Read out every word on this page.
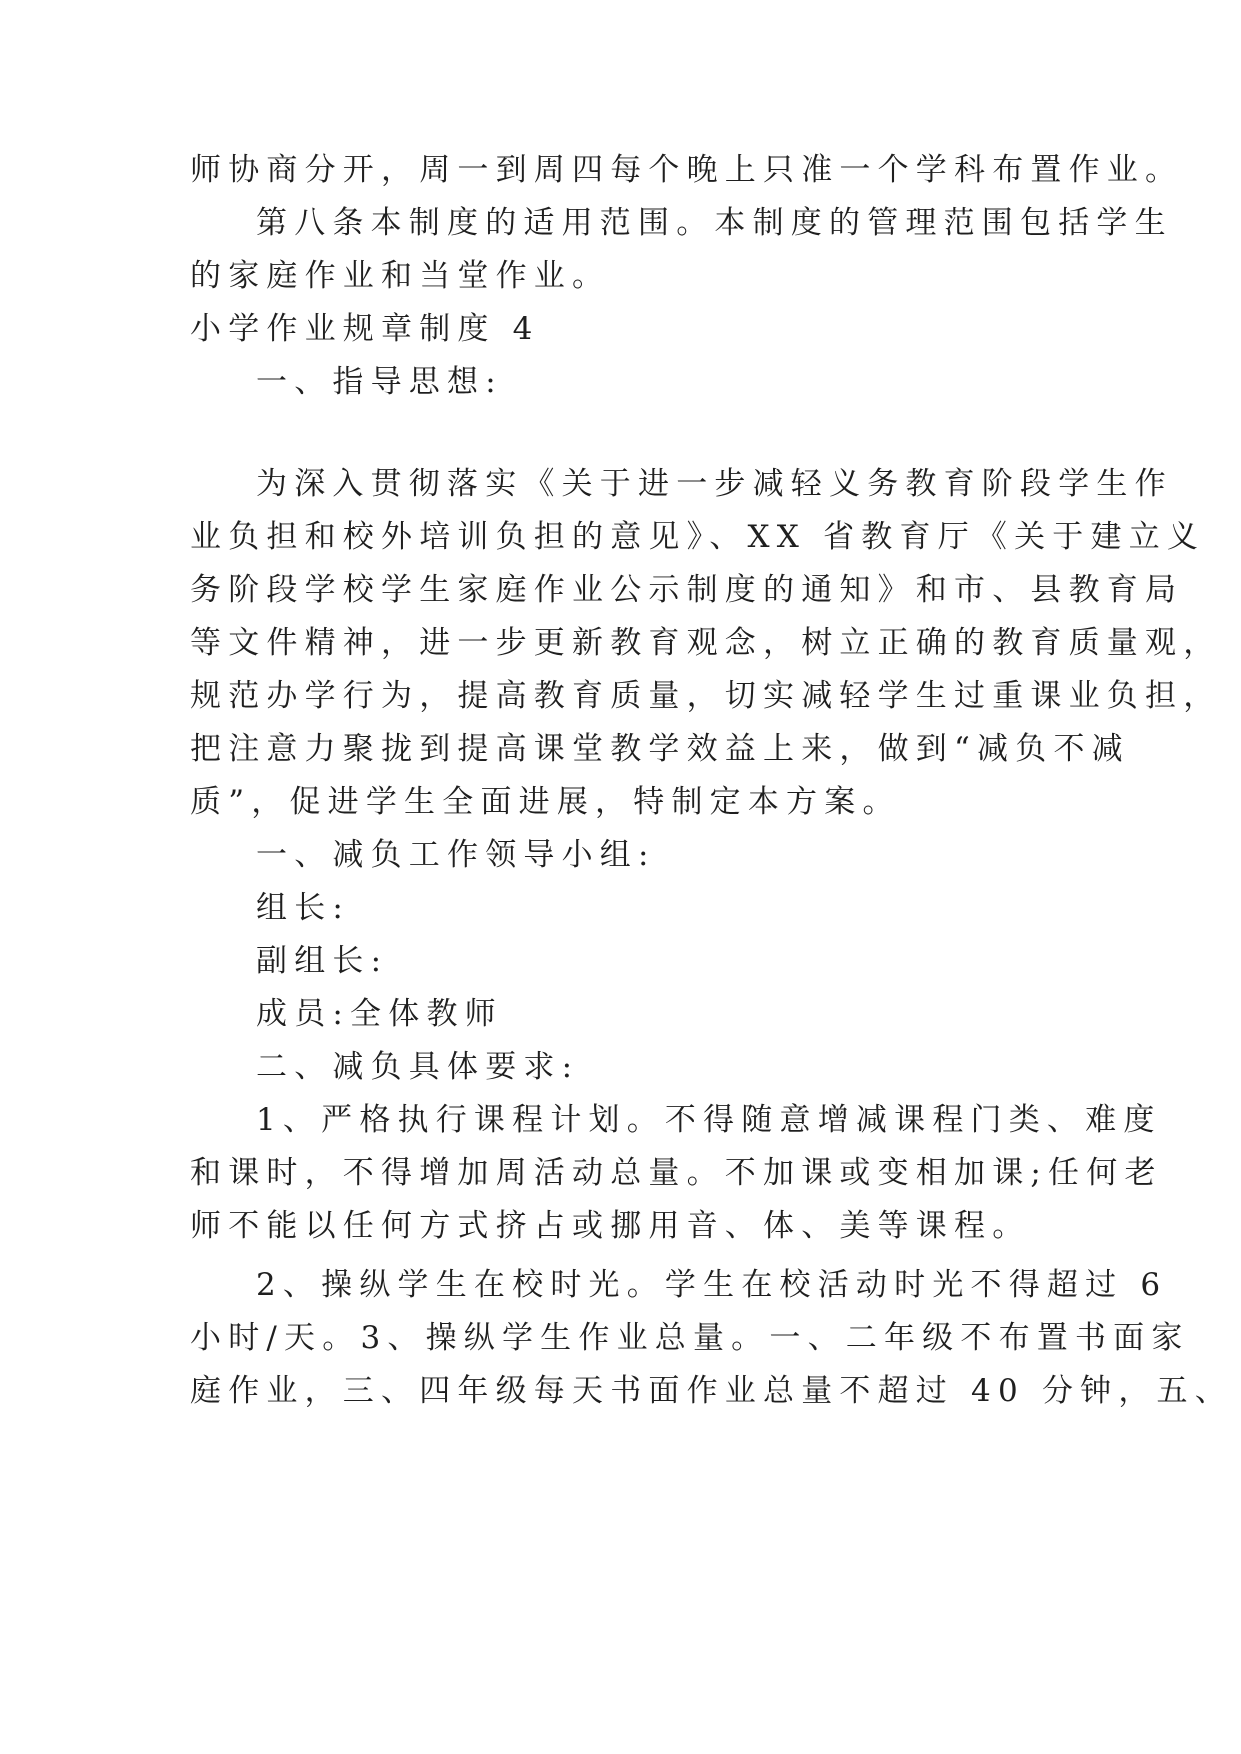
师协商分开，周一到周四每个晚上只准一个学科布置作业。
第八条本制度的适用范围。本制度的管理范围包括学生
的家庭作业和当堂作业。
小学作业规章制度 4
一、指导思想:
为深入贯彻落实《关于进一步减轻义务教育阶段学生作
业负担和校外培训负担的意见》、XX 省教育厅《关于建立义
务阶段学校学生家庭作业公示制度的通知》和市、县教育局
等文件精神，进一步更新教育观念，树立正确的教育质量观，
规范办学行为，提高教育质量，切实减轻学生过重课业负担，
把注意力聚拢到提高课堂教学效益上来，做到“减负不减
质”，促进学生全面进展，特制定本方案。
一、减负工作领导小组:
组长:
副组长:
成员:全体教师
二、减负具体要求:
1、严格执行课程计划。不得随意增减课程门类、难度
和课时，不得增加周活动总量。不加课或变相加课;任何老
师不能以任何方式挤占或挪用音、体、美等课程。
2、操纵学生在校时光。学生在校活动时光不得超过 6
小时/天。3、操纵学生作业总量。一、二年级不布置书面家
庭作业，三、四年级每天书面作业总量不超过 40 分钟，五、
